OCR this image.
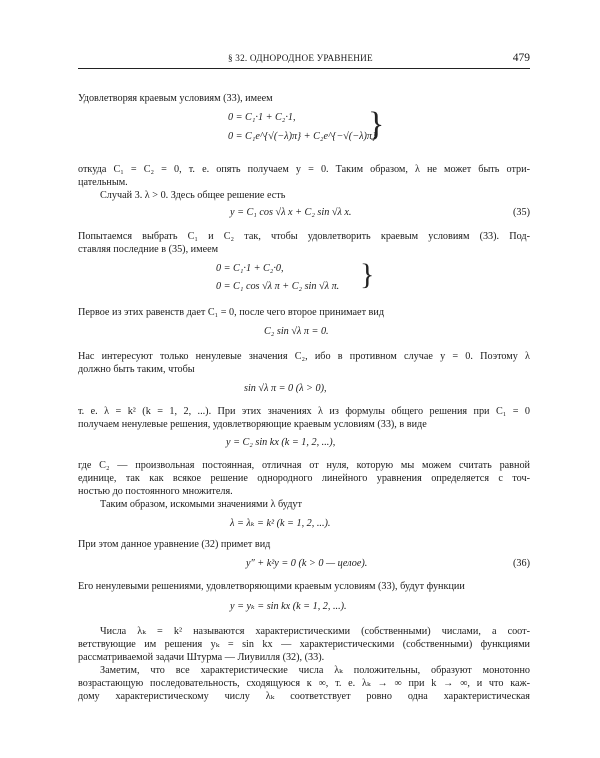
§ 32. ОДНОРОДНОЕ УРАВНЕНИЕ	479
Удовлетворяя краевым условиям (33), имеем
0 = C₁·1 + C₂·1,
0 = C₁e^{√(−λ)π} + C₂e^{−√(−λ)π}
}
откуда C₁ = C₂ = 0, т. е. опять получаем y = 0. Таким образом, λ не может быть отри-
цательным.
Случай 3. λ > 0. Здесь общее решение есть
y = C₁ cos √λ x + C₂ sin √λ x.	(35)
Попытаемся выбрать C₁ и C₂ так, чтобы удовлетворить краевым условиям (33). Под-
ставляя последние в (35), имеем
0 = C₁·1 + C₂·0,
0 = C₁ cos √λ π + C₂ sin √λ π. }
Первое из этих равенств дает C₁ = 0, после чего второе принимает вид
C₂ sin √λ π = 0.
Нас интересуют только ненулевые значения C₂, ибо в противном случае y = 0. Поэтому λ
должно быть таким, чтобы
sin √λ π = 0 (λ > 0),
т. е. λ = k² (k = 1, 2, ...). При этих значениях λ из формулы общего решения при C₁ = 0
получаем ненулевые решения, удовлетворяющие краевым условиям (33), в виде
y = C₂ sin kx (k = 1, 2, ...),
где C₂ — произвольная постоянная, отличная от нуля, которую мы можем считать равной
единице, так как всякое решение однородного линейного уравнения определяется с точ-
ностью до постоянного множителя.
Таким образом, искомыми значениями λ будут
λ = λₖ = k² (k = 1, 2, ...).
При этом данное уравнение (32) примет вид
y″ + k²y = 0 (k > 0 — целое).	(36)
Его ненулевыми решениями, удовлетворяющими краевым условиям (33), будут функции
y = yₖ = sin kx (k = 1, 2, ...).
Числа λₖ = k² называются характеристическими (собственными) числами, а соот-
ветствующие им решения yₖ = sin kx — характеристическими (собственными) функциями
рассматриваемой задачи Штурма — Лиувилля (32), (33).
Заметим, что все характеристические числа λₖ положительны, образуют монотонно
возрастающую последовательность, сходящуюся к ∞, т. е. λₖ → ∞ при k → ∞, и что каж-
дому характеристическому числу λₖ соответствует ровно одна характеристическая
